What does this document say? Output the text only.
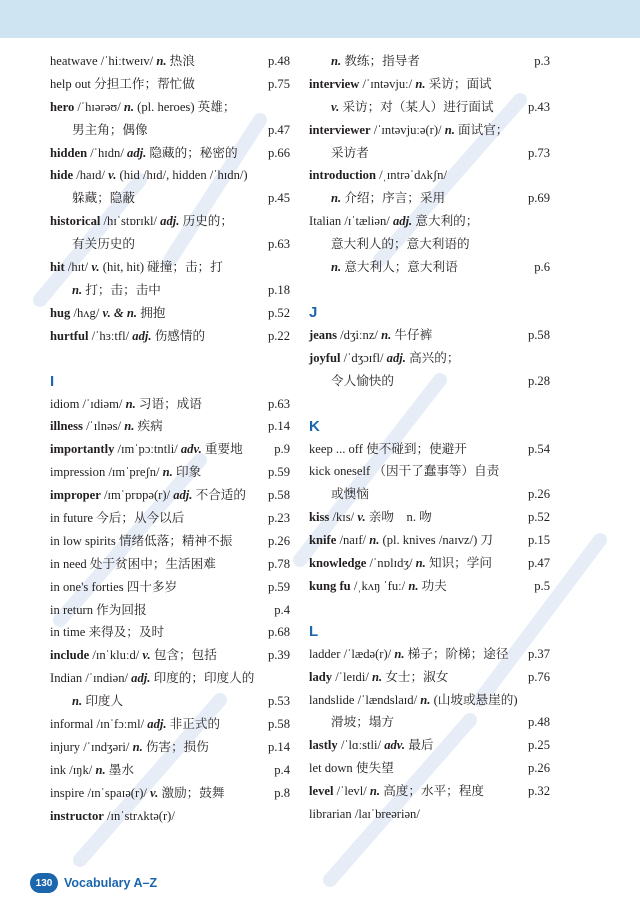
heatwave /ˈhiːtweɪv/ n. 热浪	p.48
help out 分担工作；帮忙做	p.75
hero /ˈhɪərəʊ/ n. (pl. heroes) 英雄；
男主角；偶像	p.47
hidden /ˈhɪdn/ adj. 隐藏的；秘密的 p.66
hide /haɪd/ v. (hid /hɪd/, hidden /ˈhɪdn/)
躲藏；隐蔽	p.45
historical /hɪˈstɒrɪkl/ adj. 历史的；
有关历史的	p.63
hit /hɪt/ v. (hit, hit) 碰撞；击；打
n. 打；击；击中	p.18
hug /hʌg/ v. & n. 拥抱	p.52
hurtful /ˈhɜːtfl/ adj. 伤感情的	p.22
I
idiom /ˈɪdiəm/ n. 习语；成语	p.63
illness /ˈɪlnəs/ n. 疾病	p.14
importantly /ɪmˈpɔːtntli/ adv. 重要地	p.9
impression /ɪmˈpreʃn/ n. 印象	p.59
improper /ɪmˈprɒpə(r)/ adj. 不合适的 p.58
in future 今后；从今以后	p.23
in low spirits 情绪低落；精神不振	p.26
in need 处于贫困中；生活困难	p.78
in one's forties 四十多岁	p.59
in return 作为回报	p.4
in time 来得及；及时	p.68
include /ɪnˈkluːd/ v. 包含；包括	p.39
Indian /ˈɪndiən/ adj. 印度的；印度人的
n. 印度人	p.53
informal /ɪnˈfɔːml/ adj. 非正式的	p.58
injury /ˈɪndʒəri/ n. 伤害；损伤	p.14
ink /ɪŋk/ n. 墨水	p.4
inspire /ɪnˈspaɪə(r)/ v. 激励；鼓舞	p.8
instructor /ɪnˈstrʌktə(r)/
n. 教练；指导者	p.3
interview /ˈɪntəvjuː/ n. 采访；面试
v. 采访；对（某人）进行面试	p.43
interviewer /ˈɪntəvjuːə(r)/ n. 面试官；
采访者	p.73
introduction /ˌɪntrəˈdʌkʃn/
n. 介绍；序言；采用	p.69
Italian /ɪˈtæliən/ adj. 意大利的；
意大利人的；意大利语的
n. 意大利人；意大利语	p.6
J
jeans /dʒiːnz/ n. 牛仔裤	p.58
joyful /ˈdʒɔɪfl/ adj. 高兴的；
令人愉快的	p.28
K
keep ... off 使不碰到；使避开	p.54
kick oneself （因干了蠢事等）自责
或懊恼	p.26
kiss /kɪs/ v. 亲吻　n. 吻	p.52
knife /naɪf/ n. (pl. knives /naɪvz/) 刀	p.15
knowledge /ˈnɒlɪdʒ/ n. 知识；学问	p.47
kung fu /ˌkʌŋ ˈfuː/ n. 功夫	p.5
L
ladder /ˈlædə(r)/ n. 梯子；阶梯；途径 p.37
lady /ˈleɪdi/ n. 女士；淑女	p.76
landslide /ˈlændslaɪd/ n. (山坡或悬崖的)
滑坡；塌方	p.48
lastly /ˈlɑːstli/ adv. 最后	p.25
let down 使失望	p.26
level /ˈlevl/ n. 高度；水平；程度	p.32
librarian /laɪˈbreəriən/
130 Vocabulary A–Z
